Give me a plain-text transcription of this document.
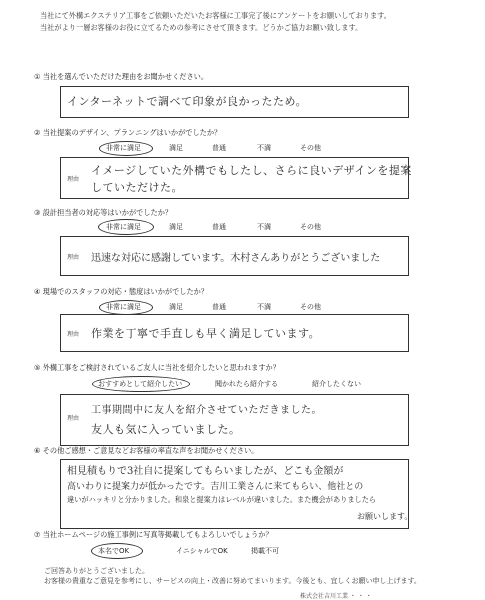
当社にて外構エクステリア工事をご依頼いただいたお客様に工事完了後にアンケートをお願いしております。
当社がより一層お客様のお役に立てるための参考にさせて頂きます。どうかご協力お願い致します。
① 当社を選んでいただけた理由をお聞かせください。
インターネットで調べて印象が良かったため。
② 当社提案のデザイン、プランニングはいかがでしたか？
非常に満足	満足	普通	不満	その他
理由
イメージしていた外構でもしたし、さらに良いデザインを提案
していただけた。
③ 設計担当者の対応等はいかがでしたか？
非常に満足	満足	普通	不満	その他
理由 迅速な対応に感謝しています。木村さんありがとうございました
④ 現場でのスタッフの対応・態度はいかがでしたか？
非常に満足	満足	普通	不満	その他
理由 作業を丁寧で手直しも早く満足しています。
⑤ 外構工事をご検討されているご友人に当社を紹介したいと思われますか？
おすすめとして紹介したい	聞かれたら紹介する	紹介したくない
理由
工事期間中に友人を紹介させていただきました。
友人も気に入っていました。
⑥ その他ご感想・ご意見などお客様の率直な声をお聞かせください。
相見積もりで3社自に提案してもらいましたが、どこも金額が
高いわりに提案力が低かったです。吉川工業さんに来てもらい、他社との
違いがハッキリと分かりました。和泉と提案力はレベルが違いました。また機会がありましたら
お願いします。
⑦ 当社ホームページの施工事例に写真等掲載してもよろしいでしょうか？
本名でOK	イニシャルでOK	掲載不可
ご回答ありがとうございました。
お客様の貴重なご意見を参考にし、サービスの向上・改善に努めてまいります。今後とも、宜しくお願い申し上げます。
株式会社吉川工業 ・ ・ ・
